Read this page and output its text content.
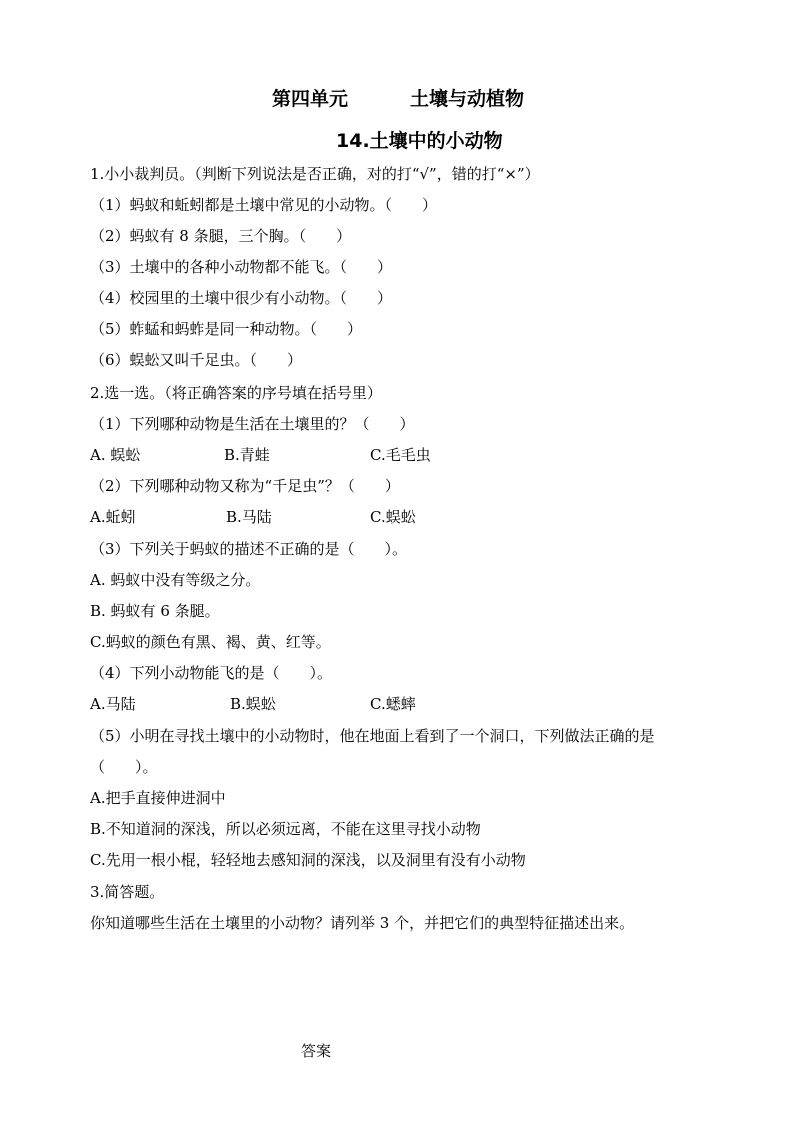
第四单元	土壤与动植物
14.土壤中的小动物
1.小小裁判员。（判断下列说法是否正确，对的打“√”，错的打“×”）
（1）蚂蚁和蚯蚓都是土壤中常见的小动物。（　　）
（2）蚂蚁有 8 条腿，三个胸。（　　）
（3）土壤中的各种小动物都不能飞。（　　）
（4）校园里的土壤中很少有小动物。（　　）
（5）蚱蜢和蚂蚱是同一种动物。（　　）
（6）蜈蚣又叫千足虫。（　　）
2.选一选。（将正确答案的序号填在括号里）
（1）下列哪种动物是生活在土壤里的？（　　）
A. 蜈蚣	B.青蛙	C.毛毛虫
（2）下列哪种动物又称为“千足虫”？（　　）
A.蚯蚓	B.马陆	C.蜈蚣
（3）下列关于蚂蚁的描述不正确的是（　　）。
A. 蚂蚁中没有等级之分。
B. 蚂蚁有 6 条腿。
C.蚂蚁的颜色有黑、褐、黄、红等。
（4）下列小动物能飞的是（　　）。
A.马陆	B.蜈蚣	C.蟋蟀
（5）小明在寻找土壤中的小动物时，他在地面上看到了一个洞口，下列做法正确的是
（　　）。
A.把手直接伸进洞中
B.不知道洞的深浅，所以必须远离，不能在这里寻找小动物
C.先用一根小棍，轻轻地去感知洞的深浅，以及洞里有没有小动物
3.简答题。
你知道哪些生活在土壤里的小动物？请列举 3 个，并把它们的典型特征描述出来。
答案
